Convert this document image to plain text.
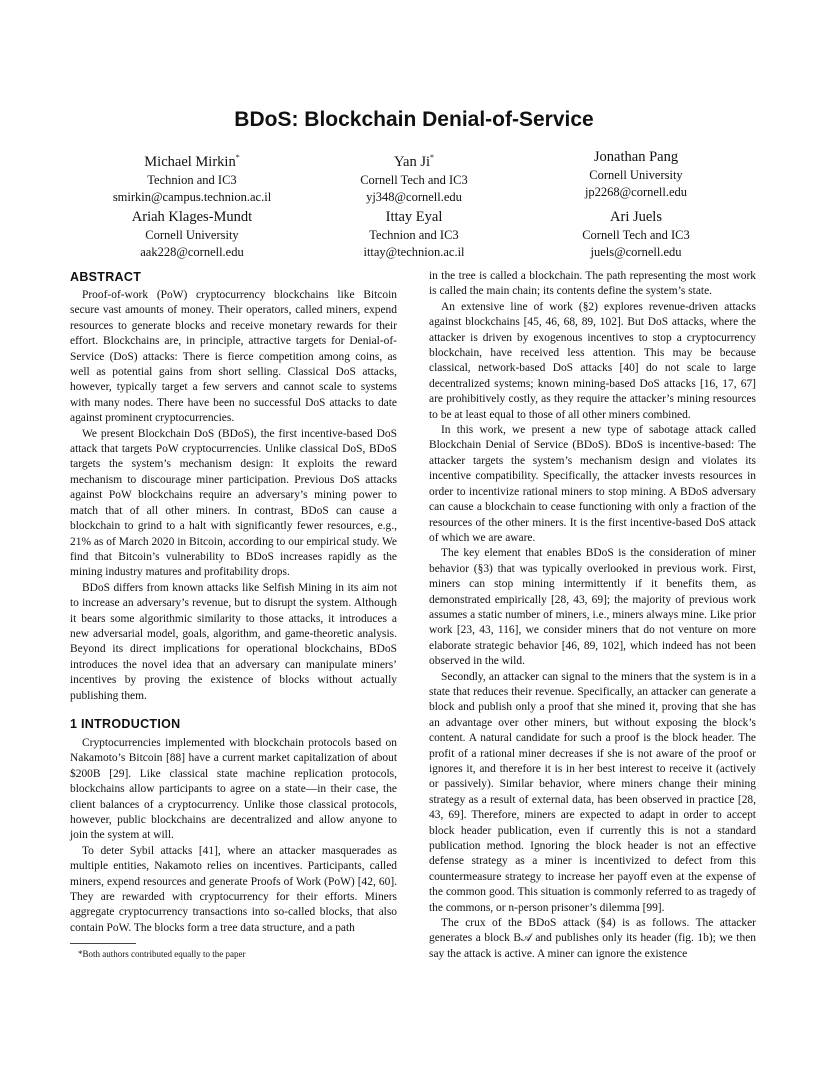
BDoS: Blockchain Denial-of-Service
Michael Mirkin*
Technion and IC3
smirkin@campus.technion.ac.il
Yan Ji*
Cornell Tech and IC3
yj348@cornell.edu
Jonathan Pang
Cornell University
jp2268@cornell.edu
Ariah Klages-Mundt
Cornell University
aak228@cornell.edu
Ittay Eyal
Technion and IC3
ittay@technion.ac.il
Ari Juels
Cornell Tech and IC3
juels@cornell.edu
ABSTRACT

Proof-of-work (PoW) cryptocurrency blockchains like Bitcoin secure vast amounts of money. Their operators, called miners, expend resources to generate blocks and receive monetary rewards for their effort. Blockchains are, in principle, attractive targets for Denial-of-Service (DoS) attacks: There is fierce competition among coins, as well as potential gains from short selling. Classical DoS attacks, however, typically target a few servers and cannot scale to systems with many nodes. There have been no successful DoS attacks to date against prominent cryptocurrencies.

We present Blockchain DoS (BDoS), the first incentive-based DoS attack that targets PoW cryptocurrencies. Unlike classical DoS, BDoS targets the system’s mechanism design: It exploits the reward mechanism to discourage miner participation. Previous DoS attacks against PoW blockchains require an adversary’s mining power to match that of all other miners. In contrast, BDoS can cause a blockchain to grind to a halt with significantly fewer resources, e.g., 21% as of March 2020 in Bitcoin, according to our empirical study. We find that Bitcoin’s vulnerability to BDoS increases rapidly as the mining industry matures and profitability drops.

BDoS differs from known attacks like Selfish Mining in its aim not to increase an adversary’s revenue, but to disrupt the system. Although it bears some algorithmic similarity to those attacks, it introduces a new adversarial model, goals, algorithm, and game-theoretic analysis. Beyond its direct implications for operational blockchains, BDoS introduces the novel idea that an adversary can manipulate miners’ incentives by proving the existence of blocks without actually publishing them.

1 INTRODUCTION

Cryptocurrencies implemented with blockchain protocols based on Nakamoto’s Bitcoin [88] have a current market capitalization of about $200B [29]. Like classical state machine replication protocols, blockchains allow participants to agree on a state—in their case, the client balances of a cryptocurrency. Unlike those classical protocols, however, public blockchains are decentralized and allow anyone to join the system at will.

To deter Sybil attacks [41], where an attacker masquerades as multiple entities, Nakamoto relies on incentives. Participants, called miners, expend resources and generate Proofs of Work (PoW) [42, 60]. They are rewarded with cryptocurrency for their efforts. Miners aggregate cryptocurrency transactions into so-called blocks, that also contain PoW. The blocks form a tree data structure, and a path

in the tree is called a blockchain. The path representing the most work is called the main chain; its contents define the system’s state.

An extensive line of work (§2) explores revenue-driven attacks against blockchains [45, 46, 68, 89, 102]. But DoS attacks, where the attacker is driven by exogenous incentives to stop a cryptocurrency blockchain, have received less attention. This may be because classical, network-based DoS attacks [40] do not scale to large decentralized systems; known mining-based DoS attacks [16, 17, 67] are prohibitively costly, as they require the attacker’s mining resources to be at least equal to those of all other miners combined.

In this work, we present a new type of sabotage attack called Blockchain Denial of Service (BDoS). BDoS is incentive-based: The attacker targets the system’s mechanism design and violates its incentive compatibility. Specifically, the attacker invests resources in order to incentivize rational miners to stop mining. A BDoS adversary can cause a blockchain to cease functioning with only a fraction of the resources of the other miners. It is the first incentive-based DoS attack of which we are aware.

The key element that enables BDoS is the consideration of miner behavior (§3) that was typically overlooked in previous work. First, miners can stop mining intermittently if it benefits them, as demonstrated empirically [28, 43, 69]; the majority of previous work assumes a static number of miners, i.e., miners always mine. Like prior work [23, 43, 116], we consider miners that do not venture on more elaborate strategic behavior [46, 89, 102], which indeed has not been observed in the wild.

Secondly, an attacker can signal to the miners that the system is in a state that reduces their revenue. Specifically, an attacker can generate a block and publish only a proof that she mined it, proving that she has an advantage over other miners, but without exposing the block’s content. A natural candidate for such a proof is the block header. The profit of a rational miner decreases if she is not aware of the proof or ignores it, and therefore it is in her best interest to receive it (actively or passively). Similar behavior, where miners change their mining strategy as a result of external data, has been observed in practice [28, 43, 69]. Therefore, miners are expected to adapt in order to accept block header publication, even if currently this is not a standard publication method. Ignoring the block header is not an effective defense strategy as a miner is incentivized to defect from this countermeasure strategy to increase her payoff even at the expense of the common good. This situation is commonly referred to as tragedy of the commons, or n-person prisoner’s dilemma [99].

The crux of the BDoS attack (§4) is as follows. The attacker generates a block B𝒜 and publishes only its header (fig. 1b); we then say the attack is active. A miner can ignore the existence

*Both authors contributed equally to the paper
